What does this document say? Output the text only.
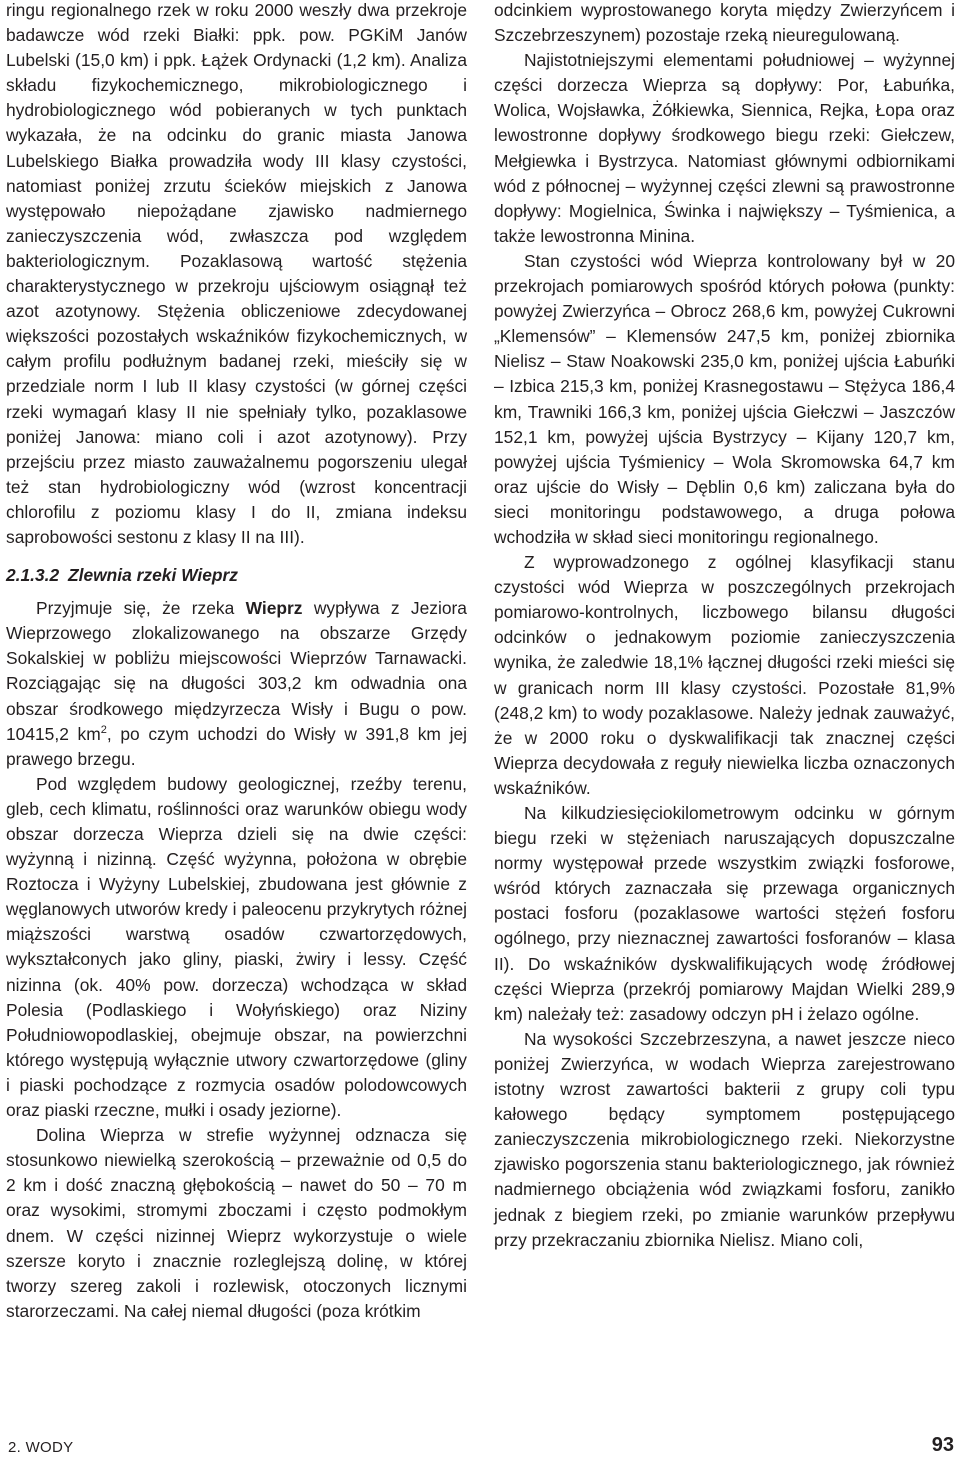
ringu regionalnego rzek w roku 2000 weszły dwa przekroje badawcze wód rzeki Białki: ppk. pow. PGKiM Janów Lubelski (15,0 km) i ppk. Łążek Ordynacki (1,2 km). Analiza składu fizykochemicznego, mikrobiologicznego i hydrobiologicznego wód pobieranych w tych punktach wykazała, że na odcinku do granic miasta Janowa Lubelskiego Białka prowadziła wody III klasy czystości, natomiast poniżej zrzutu ścieków miejskich z Janowa występowało niepożądane zjawisko nadmiernego zanieczyszczenia wód, zwłaszcza pod względem bakteriologicznym. Pozaklasową wartość stężenia charakterystycznego w przekroju ujściowym osiągnął też azot azotynowy. Stężenia obliczeniowe zdecydowanej większości pozostałych wskaźników fizykochemicznych, w całym profilu podłużnym badanej rzeki, mieściły się w przedziale norm I lub II klasy czystości (w górnej części rzeki wymagań klasy II nie spełniały tylko, pozaklasowe poniżej Janowa: miano coli i azot azotynowy). Przy przejściu przez miasto zauważalnemu pogorszeniu ulegał też stan hydrobiologiczny wód (wzrost koncentracji chlorofilu z poziomu klasy I do II, zmiana indeksu saprobowości sestonu z klasy II na III).

2.1.3.2 Zlewnia rzeki Wieprz

Przyjmuje się, że rzeka Wieprz wypływa z Jeziora Wieprzowego zlokalizowanego na obszarze Grzędy Sokalskiej w pobliżu miejscowości Wieprzów Tarnawacki. Rozciągając się na długości 303,2 km odwadnia ona obszar środkowego międzyrzecza Wisły i Bugu o pow. 10415,2 $km^2$, po czym uchodzi do Wisły w 391,8 km jej prawego brzegu.

Pod względem budowy geologicznej, rzeźby terenu, gleb, cech klimatu, roślinności oraz warunków obiegu wody obszar dorzecza Wieprza dzieli się na dwie części: wyżynną i nizinną. Część wyżynna, położona w obrębie Roztocza i Wyżyny Lubelskiej, zbudowana jest głównie z węglanowych utworów kredy i paleocenu przykrytych różnej miąższości warstwą osadów czwartorzędowych, wykształconych jako gliny, piaski, żwiry i lessy. Część nizinna (ok. 40% pow. dorzecza) wchodząca w skład Polesia (Podlaskiego i Wołyńskiego) oraz Niziny Południowopodlaskiej, obejmuje obszar, na powierzchni którego występują wyłącznie utwory czwartorzędowe (gliny i piaski pochodzące z rozmycia osadów polodowcowych oraz piaski rzeczne, mułki i osady jeziorne).

Dolina Wieprza w strefie wyżynnej odznacza się stosunkowo niewielką szerokością – przeważnie od 0,5 do 2 km i dość znaczną głębokością – nawet do 50 – 70 m oraz wysokimi, stromymi zboczami i często podmokłym dnem. W części nizinnej Wieprz wykorzystuje o wiele szersze koryto i znacznie rozleglejszą dolinę, w której tworzy szereg zakoli i rozlewisk, otoczonych licznymi starorzeczami. Na całej niemal długości (poza krótkim

odcinkiem wyprostowanego koryta między Zwierzyńcem i Szczebrzeszynem) pozostaje rzeką nieuregulowaną.

Najistotniejszymi elementami południowej – wyżynnej części dorzecza Wieprza są dopływy: Por, Łabuńka, Wolica, Wojsławka, Żółkiewka, Siennica, Rejka, Łopa oraz lewostronne dopływy środkowego biegu rzeki: Giełczew, Mełgiewka i Bystrzyca. Natomiast głównymi odbiornikami wód z północnej – wyżynnej części zlewni są prawostronne dopływy: Mogielnica, Świnka i największy – Tyśmienica, a także lewostronna Minina.

Stan czystości wód Wieprza kontrolowany był w 20 przekrojach pomiarowych spośród których połowa (punkty: powyżej Zwierzyńca – Obrocz 268,6 km, powyżej Cukrowni „Klemensów” – Klemensów 247,5 km, poniżej zbiornika Nielisz – Staw Noakowski 235,0 km, poniżej ujścia Łabuńki – Izbica 215,3 km, poniżej Krasnegostawu – Stężyca 186,4 km, Trawniki 166,3 km, poniżej ujścia Giełczwi – Jaszczów 152,1 km, powyżej ujścia Bystrzycy – Kijany 120,7 km, powyżej ujścia Tyśmienicy – Wola Skromowska 64,7 km oraz ujście do Wisły – Dęblin 0,6 km) zaliczana była do sieci monitoringu podstawowego, a druga połowa wchodziła w skład sieci monitoringu regionalnego.

Z wyprowadzonego z ogólnej klasyfikacji stanu czystości wód Wieprza w poszczególnych przekrojach pomiarowo-kontrolnych, liczbowego bilansu długości odcinków o jednakowym poziomie zanieczyszczenia wynika, że zaledwie 18,1% łącznej długości rzeki mieści się w granicach norm III klasy czystości. Pozostałe 81,9% (248,2 km) to wody pozaklasowe. Należy jednak zauważyć, że w 2000 roku o dyskwalifikacji tak znacznej części Wieprza decydowała z reguły niewielka liczba oznaczonych wskaźników.

Na kilkudziesięciokilometrowym odcinku w górnym biegu rzeki w stężeniach naruszających dopuszczalne normy występował przede wszystkim związki fosforowe, wśród których zaznaczała się przewaga organicznych postaci fosforu (pozaklasowe wartości stężeń fosforu ogólnego, przy nieznacznej zawartości fosforanów – klasa II). Do wskaźników dyskwalifikujących wodę źródłowej części Wieprza (przekrój pomiarowy Majdan Wielki 289,9 km) należały też: zasadowy odczyn pH i żelazo ogólne.

Na wysokości Szczebrzeszyna, a nawet jeszcze nieco poniżej Zwierzyńca, w wodach Wieprza zarejestrowano istotny wzrost zawartości bakterii z grupy coli typu kałowego będący symptomem postępującego zanieczyszczenia mikrobiologicznego rzeki. Niekorzystne zjawisko pogorszenia stanu bakteriologicznego, jak również nadmiernego obciążenia wód związkami fosforu, zanikło jednak z biegiem rzeki, po zmianie warunków przepływu przy przekraczaniu zbiornika Nielisz. Miano coli,

2. WODY	93
